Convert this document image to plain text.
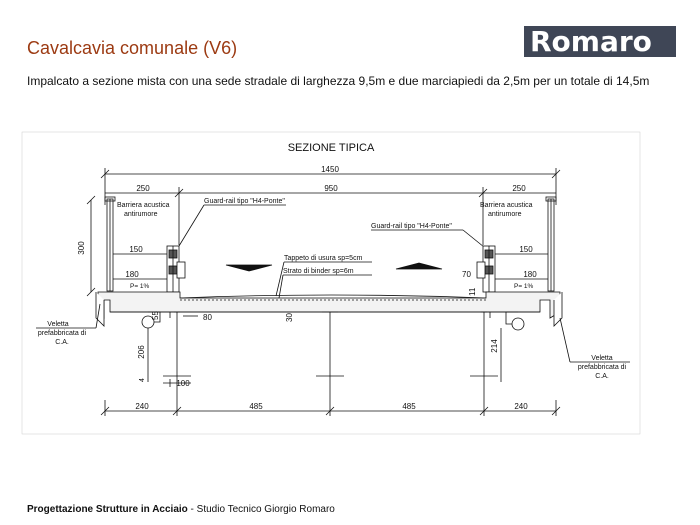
Cavalcavia comunale (V6)	Romaro
Impalcato a sezione mista con una sede stradale di larghezza 9,5m e due marciapiedi da 2,5m per un totale di 14,5m
SEZIONE TIPICA
1450
250	950	250
300
Barriera acustica
antirumore
Barriera acustica
antirumore
Guard-rail tipo "H4-Ponte"
Guard-rail tipo "H4-Ponte"
150	150
180	180
70
P= 1%	P= 1%
Tappeto di usura sp=5cm
Strato di binder sp=6m
55	80	30
11
206	214
4	100
240	485	485	240
Veletta
prefabbricata di
C.A.
Veletta
prefabbricata di
C.A.
Progettazione Strutture in Acciaio - Studio Tecnico Giorgio Romaro
